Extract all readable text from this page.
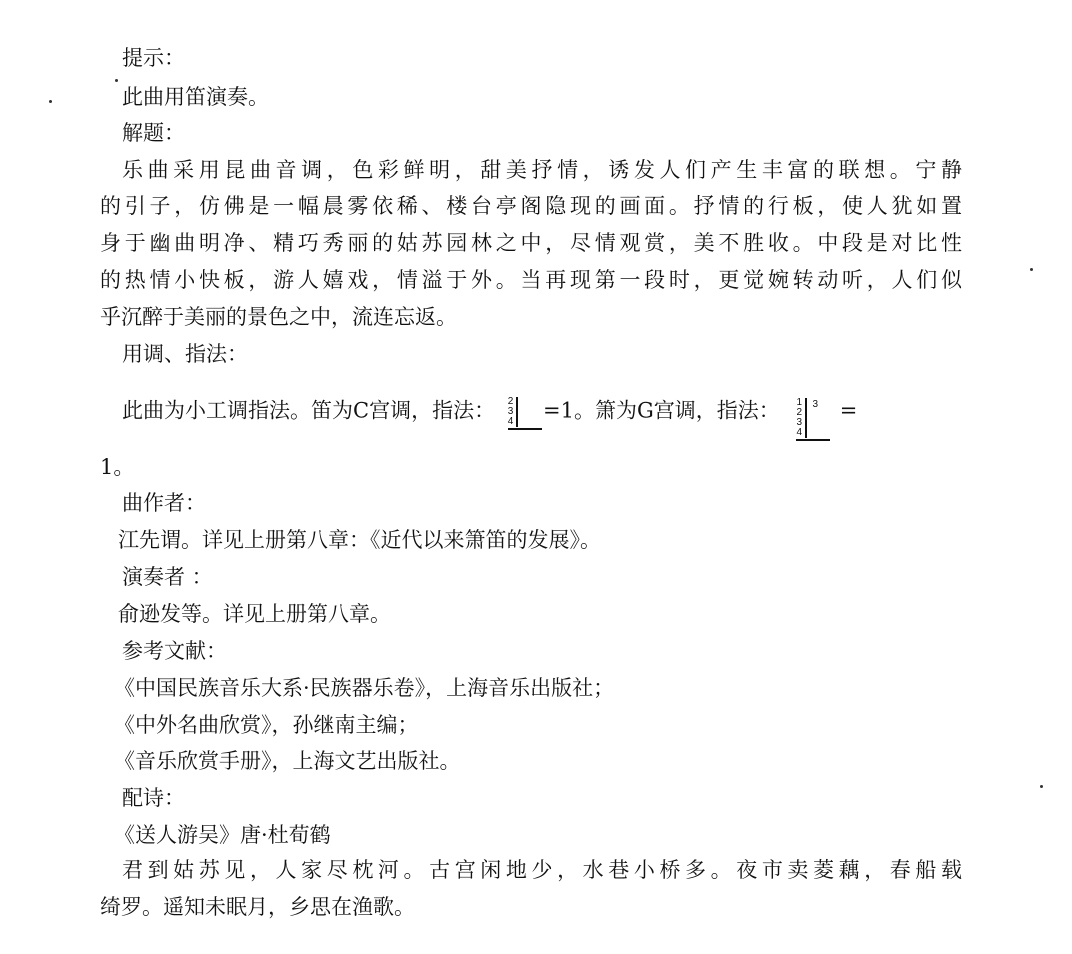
提示：
此曲用笛演奏。
解题：
乐曲采用昆曲音调，色彩鲜明，甜美抒情，诱发人们产生丰富的联想。宁静
的引子，仿佛是一幅晨雾依稀、楼台亭阁隐现的画面。抒情的行板，使人犹如置
身于幽曲明净、精巧秀丽的姑苏园林之中，尽情观赏，美不胜收。中段是对比性
的热情小快板，游人嬉戏，情溢于外。当再现第一段时，更觉婉转动听，人们似
乎沉醉于美丽的景色之中，流连忘返。
用调、指法：
此曲为小工调指法。笛为C宫调，指法： 2
3
4 =1。箫为G宫调，指法： 1
2
3
4
3 =
1。
曲作者：
江先谓。详见上册第八章：《近代以来箫笛的发展》。
演奏者 ：
俞逊发等。详见上册第八章。
参考文献：
《中国民族音乐大系·民族器乐卷》，上海音乐出版社；
《中外名曲欣赏》，孙继南主编；
《音乐欣赏手册》，上海文艺出版社。
配诗：
《送人游吴》唐·杜荀鹤
君到姑苏见，人家尽枕河。古宫闲地少，水巷小桥多。夜市卖菱藕，春船载
绮罗。遥知未眠月，乡思在渔歌。
